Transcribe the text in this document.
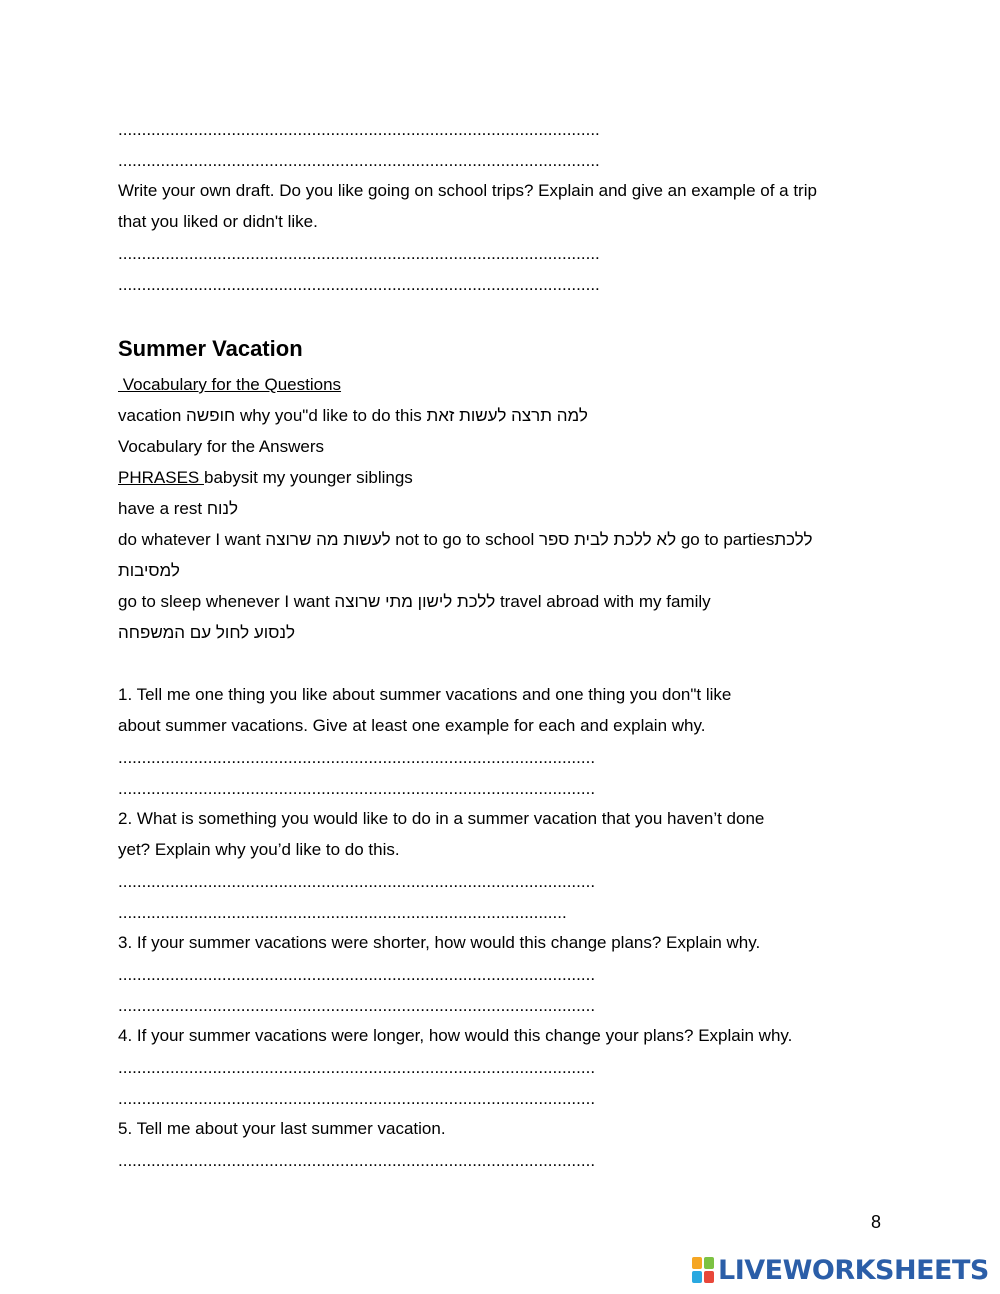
......................................................................................................
......................................................................................................
Write your own draft. Do you like going on school trips? Explain and give an example of a trip
that you liked or didn't like.
......................................................................................................
......................................................................................................
Summer Vacation
Vocabulary for the Questions
vacation חופשה why you"d like to do this למה תרצה לעשות זאת
Vocabulary for the Answers
PHRASES babysit my younger siblings
have a rest לנוח
do whatever I want לעשות מה שרוצה not to go to school לא ללכת לבית ספר go to partiesללכת
למסיבות
go to sleep whenever I want ללכת לישון מתי שרוצה travel abroad with my family
לנסוע לחול עם המשפחה
1. Tell me one thing you like about summer vacations and one thing you don"t like
about summer vacations. Give at least one example for each and explain why.
.....................................................................................................
.....................................................................................................
2. What is something you would like to do in a summer vacation that you haven’t done
yet? Explain why you’d like to do this.
.....................................................................................................
...............................................................................................
3. If your summer vacations were shorter, how would this change plans? Explain why.
.....................................................................................................
.....................................................................................................
4. If your summer vacations were longer, how would this change your plans? Explain why.
.....................................................................................................
.....................................................................................................
5. Tell me about your last summer vacation.
.....................................................................................................
8
LIVEWORKSHEETS
